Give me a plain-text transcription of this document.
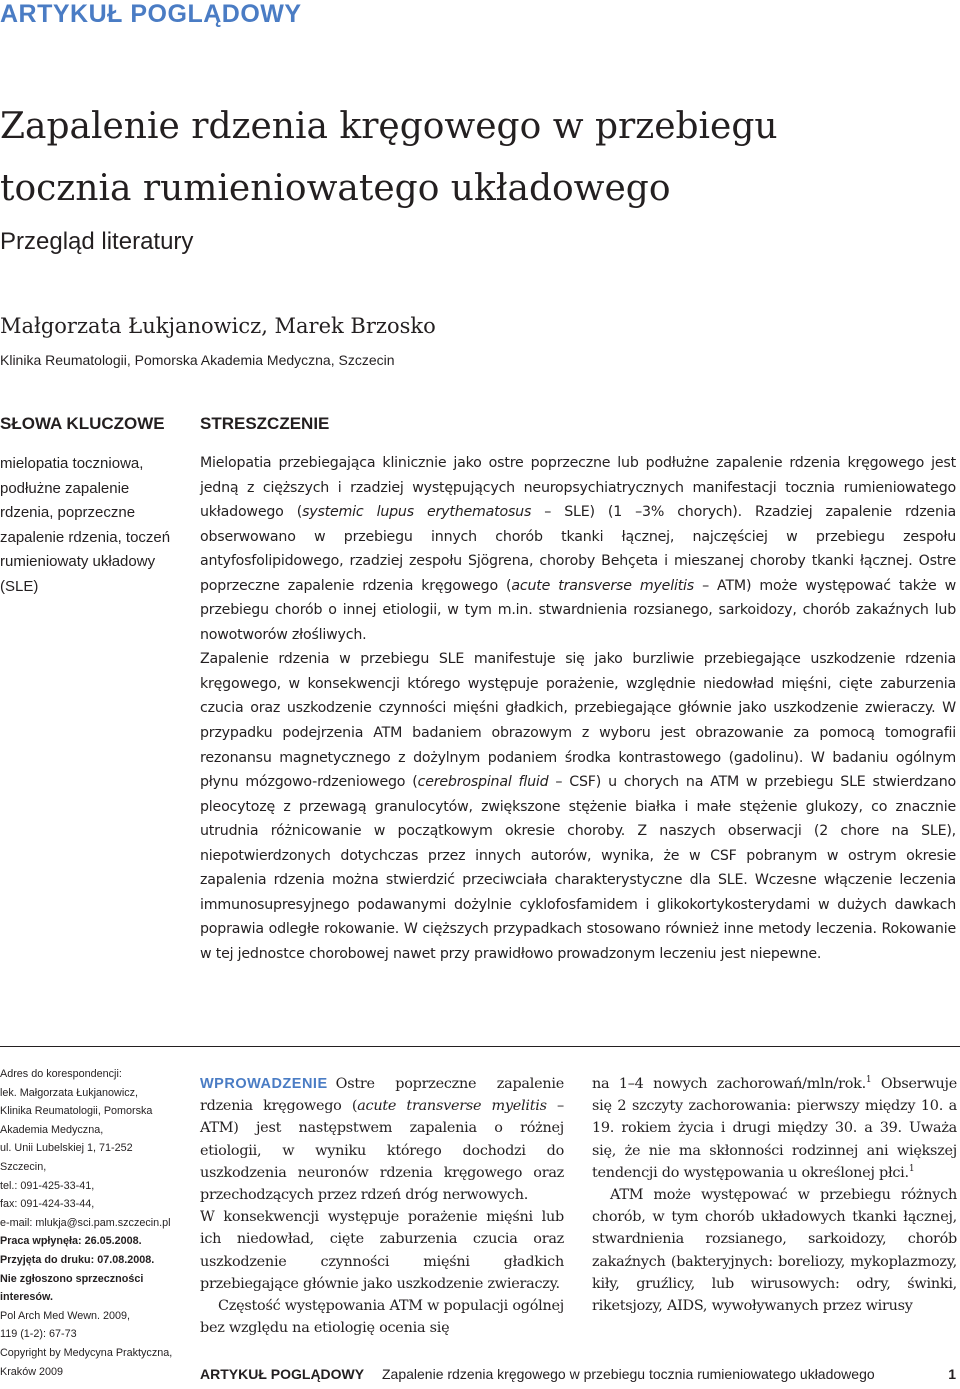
ARTYKUŁ POGLĄDOWY
Zapalenie rdzenia kręgowego w przebiegu
tocznia rumieniowatego układowego
Przegląd literatury
Małgorzata Łukjanowicz, Marek Brzosko
Klinika Reumatologii, Pomorska Akademia Medyczna, Szczecin
SŁOWA KLUCZOWE
mielopatia toczniowa, podłużne zapalenie rdzenia, poprzeczne zapalenie rdzenia, toczeń rumieniowaty układowy (SLE)
STRESZCZENIE

Mielopatia przebiegająca klinicznie jako ostre poprzeczne lub podłużne zapalenie rdzenia kręgowego jest jedną z cięższych i rzadziej występujących neuropsychiatrycznych manifestacji tocznia rumieniowatego układowego (systemic lupus erythematosus – SLE) (1 –3% chorych). Rzadziej zapalenie rdzenia obserwowano w przebiegu innych chorób tkanki łącznej, najczęściej w przebiegu zespołu antyfosfolipidowego, rzadziej zespołu Sjögrena, choroby Behçeta i mieszanej choroby tkanki łącznej. Ostre poprzeczne zapalenie rdzenia kręgowego (acute transverse myelitis – ATM) może występować także w przebiegu chorób o innej etiologii, w tym m.in. stwardnienia rozsianego, sarkoidozy, chorób zakaźnych lub nowotworów złośliwych.

Zapalenie rdzenia w przebiegu SLE manifestuje się jako burzliwie przebiegające uszkodzenie rdzenia kręgowego, w konsekwencji którego występuje porażenie, względnie niedowład mięśni, cięte zaburzenia czucia oraz uszkodzenie czynności mięśni gładkich, przebiegające głównie jako uszkodzenie zwieraczy. W przypadku podejrzenia ATM badaniem obrazowym z wyboru jest obrazowanie za pomocą tomografii rezonansu magnetycznego z dożylnym podaniem środka kontrastowego (gadolinu). W badaniu ogólnym płynu mózgowo-rdzeniowego (cerebrospinal fluid – CSF) u chorych na ATM w przebiegu SLE stwierdzano pleocytozę z przewagą granulocytów, zwiększone stężenie białka i małe stężenie glukozy, co znacznie utrudnia różnicowanie w początkowym okresie choroby. Z naszych obserwacji (2 chore na SLE), niepotwierdzonych dotychczas przez innych autorów, wynika, że w CSF pobranym w ostrym okresie zapalenia rdzenia można stwierdzić przeciwciała charakterystyczne dla SLE. Wczesne włączenie leczenia immunosupresyjnego podawanymi dożylnie cyklofosfamidem i glikokortykosterydami w dużych dawkach poprawia odległe rokowanie. W cięższych przypadkach stosowano również inne metody leczenia. Rokowanie w tej jednostce chorobowej nawet przy prawidłowo prowadzonym leczeniu jest niepewne.

Adres do korespondencji:
lek. Małgorzata Łukjanowicz,
Klinika Reumatologii, Pomorska
Akademia Medyczna,
ul. Unii Lubelskiej 1, 71-252 Szczecin,
tel.: 091-425-33-41,
fax: 091-424-33-44,
e-mail: mlukja@sci.pam.szczecin.pl
Praca wpłynęła: 26.05.2008.
Przyjęta do druku: 07.08.2008.
Nie zgłoszono sprzeczności interesów.
Pol Arch Med Wewn. 2009,
119 (1-2): 67-73
Copyright by Medycyna Praktyczna, Kraków 2009

WPROWADZENIE Ostre poprzeczne zapalenie rdzenia kręgowego (acute transverse myelitis – ATM) jest następstwem zapalenia o różnej etiologii, w wyniku którego dochodzi do uszkodzenia neuronów rdzenia kręgowego oraz przechodzących przez rdzeń dróg nerwowych.

W konsekwencji występuje porażenie mięśni lub ich niedowład, cięte zaburzenia czucia oraz uszkodzenie czynności mięśni gładkich przebiegające głównie jako uszkodzenie zwieraczy.

Częstość występowania ATM w populacji ogólnej bez względu na etiologię ocenia się

na 1–4 nowych zachorowań/mln/rok.$^1$ Obserwuje się 2 szczyty zachorowania: pierwszy między 10. a 19. rokiem życia i drugi między 30. a 39. Uważa się, że nie ma skłonności rodzinnej ani większej tendencji do występowania u określonej płci.$^1$

ATM może występować w przebiegu różnych chorób, w tym chorób układowych tkanki łącznej, stwardnienia rozsianego, sarkoidozy, chorób zakaźnych (bakteryjnych: boreliozy, mykoplazmozy, kiły, gruźlicy, lub wirusowych: odry, świnki, riketsjozy, AIDS, wywoływanych przez wirusy

ARTYKUŁ POGLĄDOWY Zapalenie rdzenia kręgowego w przebiegu tocznia rumieniowatego układowego	1
